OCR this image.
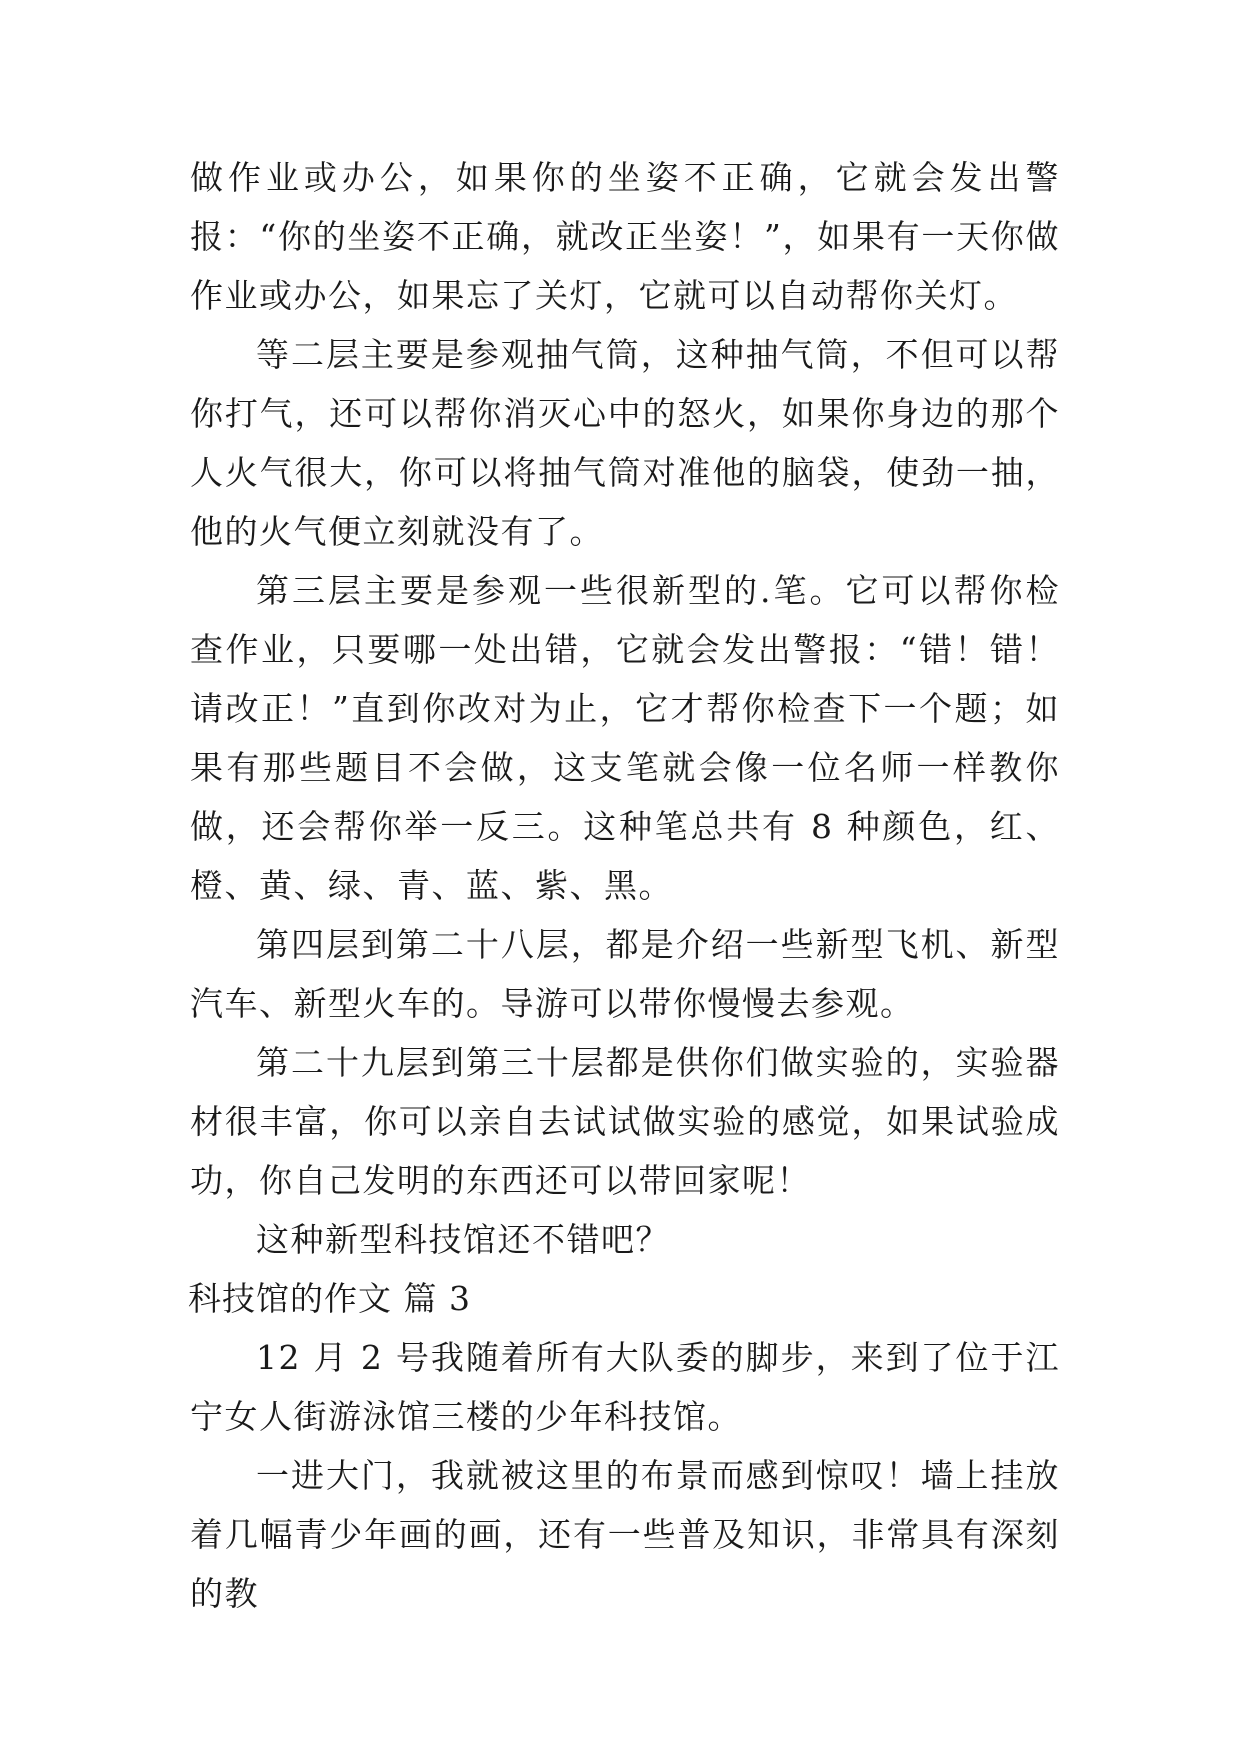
做作业或办公，如果你的坐姿不正确，它就会发出警报：“你的坐姿不正确，就改正坐姿！”，如果有一天你做作业或办公，如果忘了关灯，它就可以自动帮你关灯。

等二层主要是参观抽气筒，这种抽气筒，不但可以帮你打气，还可以帮你消灭心中的怒火，如果你身边的那个人火气很大，你可以将抽气筒对准他的脑袋，使劲一抽，他的火气便立刻就没有了。

第三层主要是参观一些很新型的.笔。它可以帮你检查作业，只要哪一处出错，它就会发出警报：“错！错！请改正！”直到你改对为止，它才帮你检查下一个题；如果有那些题目不会做，这支笔就会像一位名师一样教你做，还会帮你举一反三。这种笔总共有 8 种颜色，红、橙、黄、绿、青、蓝、紫、黑。

第四层到第二十八层，都是介绍一些新型飞机、新型汽车、新型火车的。导游可以带你慢慢去参观。

第二十九层到第三十层都是供你们做实验的，实验器材很丰富，你可以亲自去试试做实验的感觉，如果试验成功，你自己发明的东西还可以带回家呢！

这种新型科技馆还不错吧？

科技馆的作文 篇 3

12 月 2 号我随着所有大队委的脚步，来到了位于江宁女人街游泳馆三楼的少年科技馆。

一进大门，我就被这里的布景而感到惊叹！墙上挂放着几幅青少年画的画，还有一些普及知识，非常具有深刻的教
